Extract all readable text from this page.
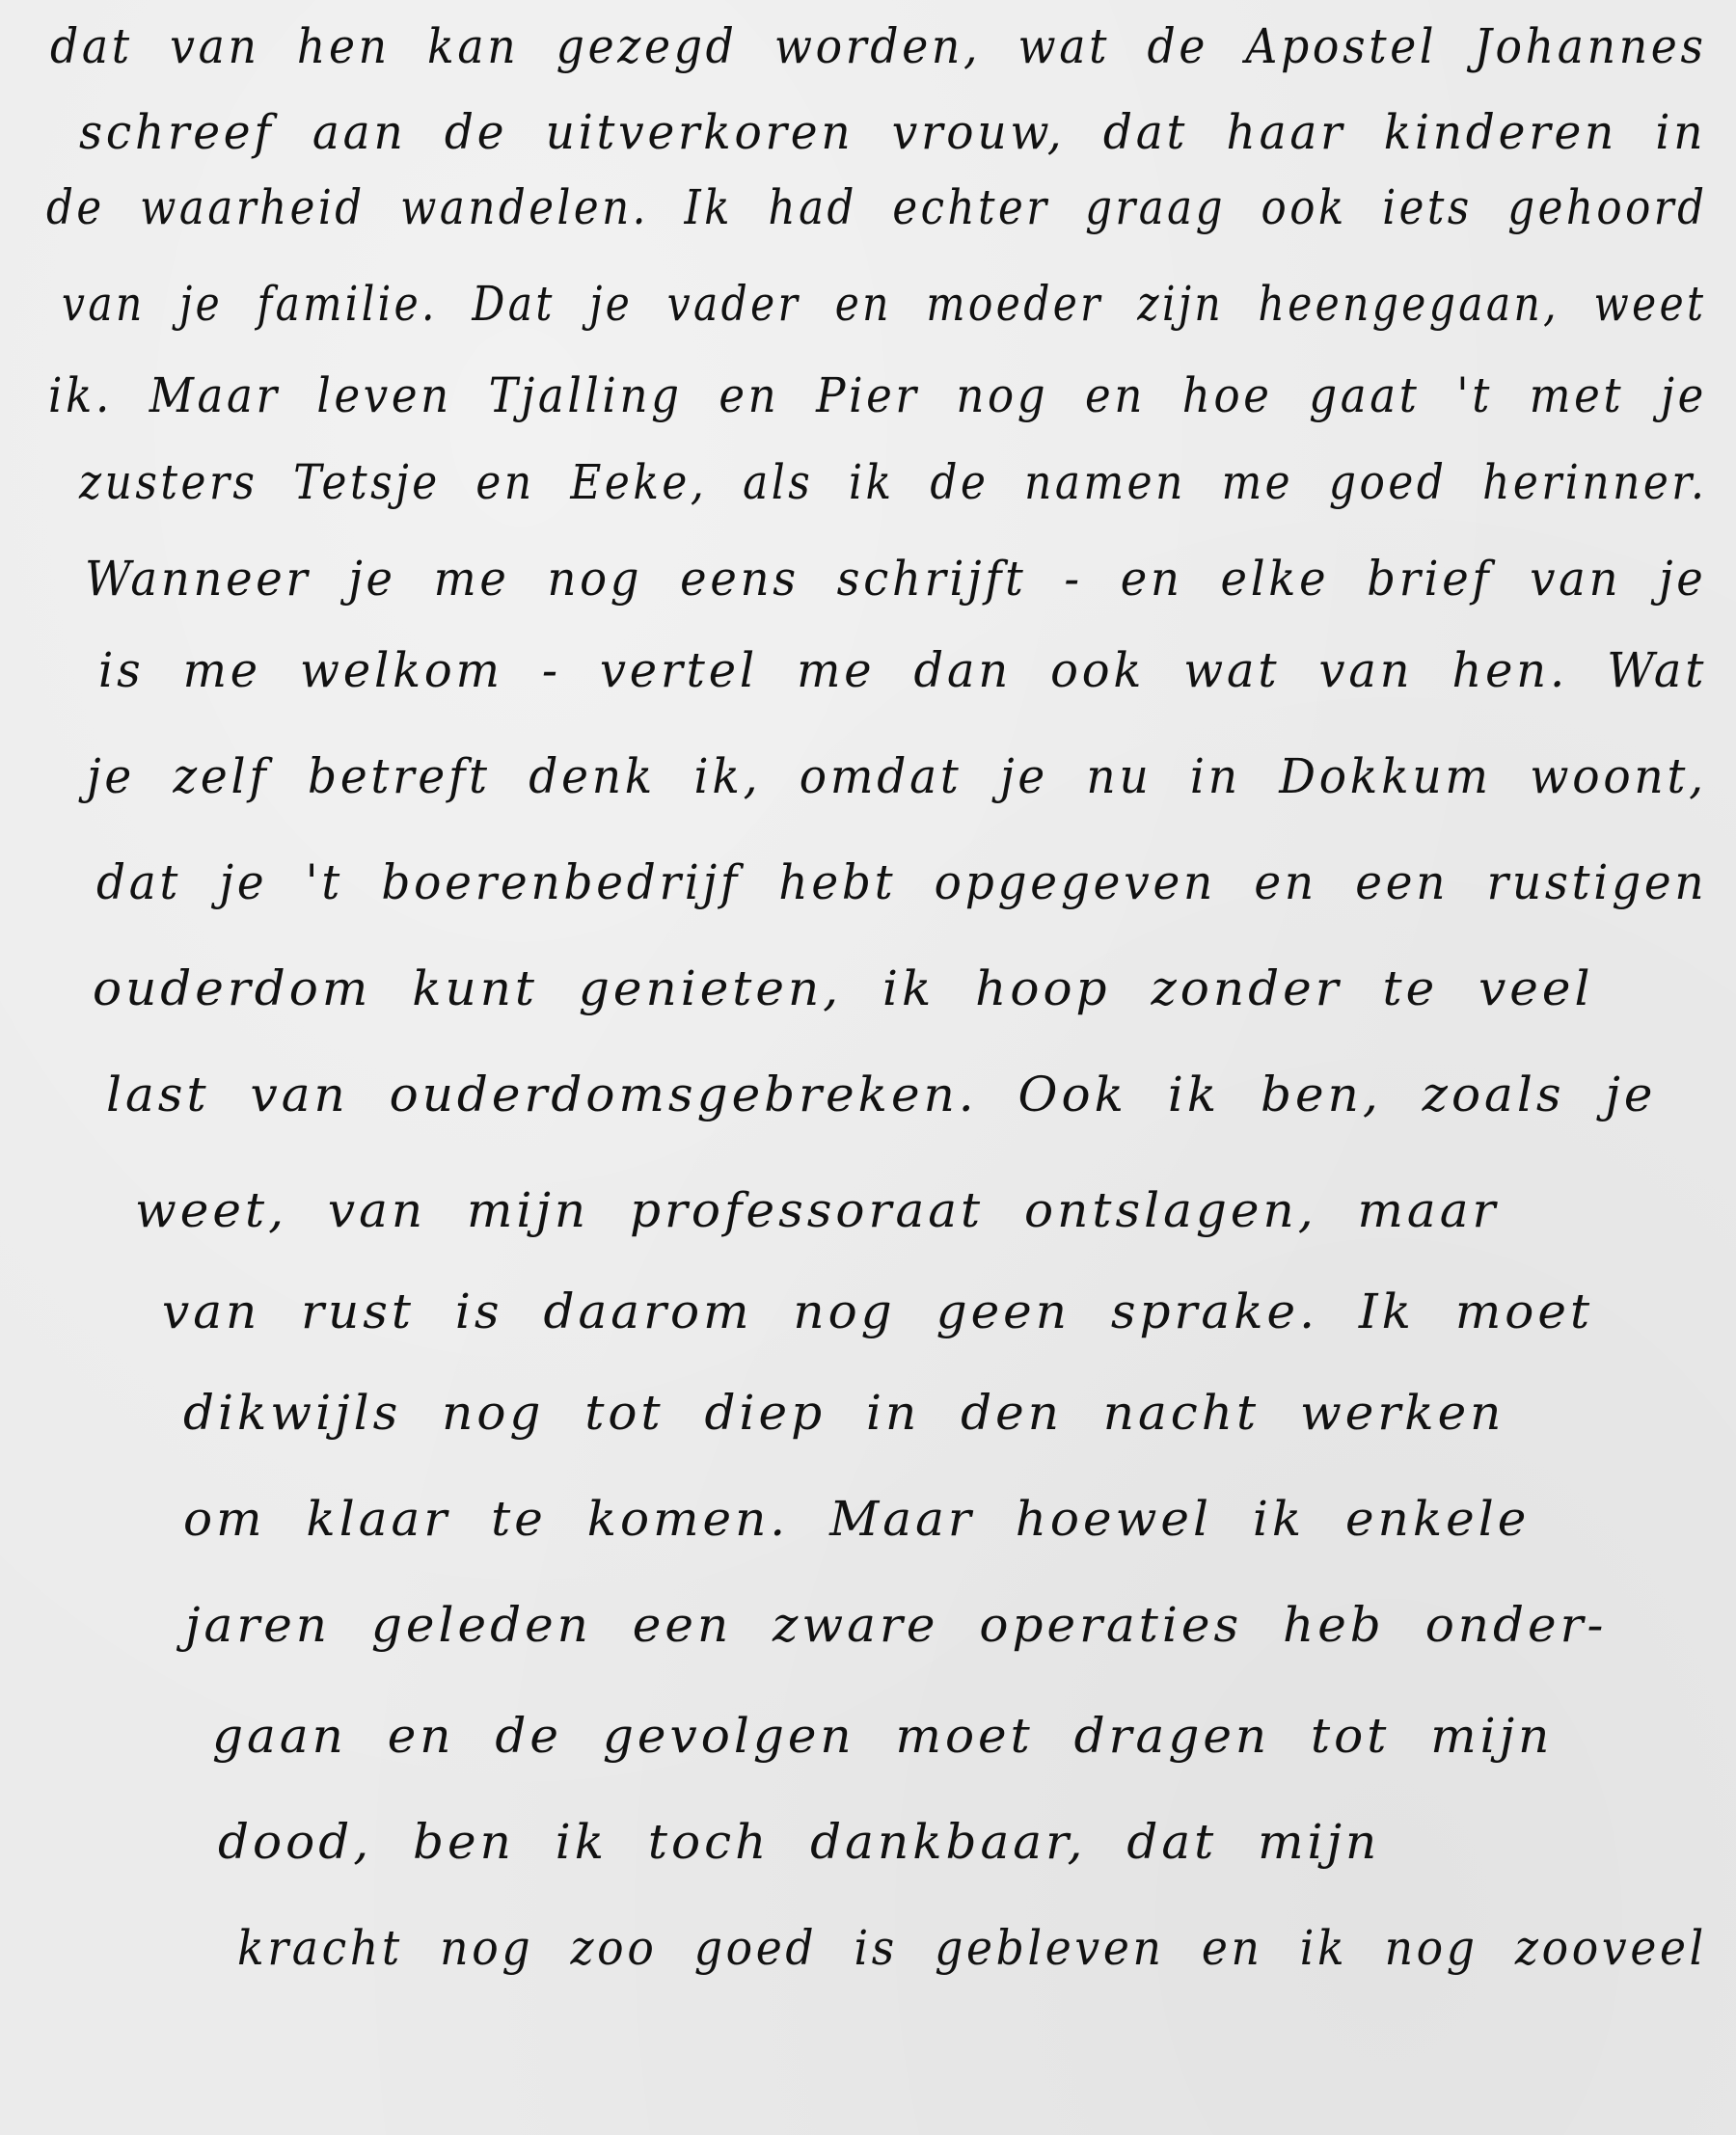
dat van hen kan gezegd worden, wat de Apostel Johannes
schreef aan de uitverkoren vrouw, dat haar kinderen in
de waarheid wandelen. Ik had echter graag ook iets gehoord
van je familie. Dat je vader en moeder zijn heengegaan, weet
ik. Maar leven Tjalling en Pier nog en hoe gaat 't met je
zusters Tetsje en Eeke, als ik de namen me goed herinner.
Wanneer je me nog eens schrijft - en elke brief van je
is me welkom - vertel me dan ook wat van hen. Wat
je zelf betreft denk ik, omdat je nu in Dokkum woont,
dat je 't boerenbedrijf hebt opgegeven en een rustigen
ouderdom kunt genieten, ik hoop zonder te veel
last van ouderdomsgebreken. Ook ik ben, zoals je
weet, van mijn professoraat ontslagen, maar
van rust is daarom nog geen sprake. Ik moet
dikwijls nog tot diep in den nacht werken
om klaar te komen. Maar hoewel ik enkele
jaren geleden een zware operaties heb onder-
gaan en de gevolgen moet dragen tot mijn
dood, ben ik toch dankbaar, dat mijn
kracht nog zoo goed is gebleven en ik nog zooveel
